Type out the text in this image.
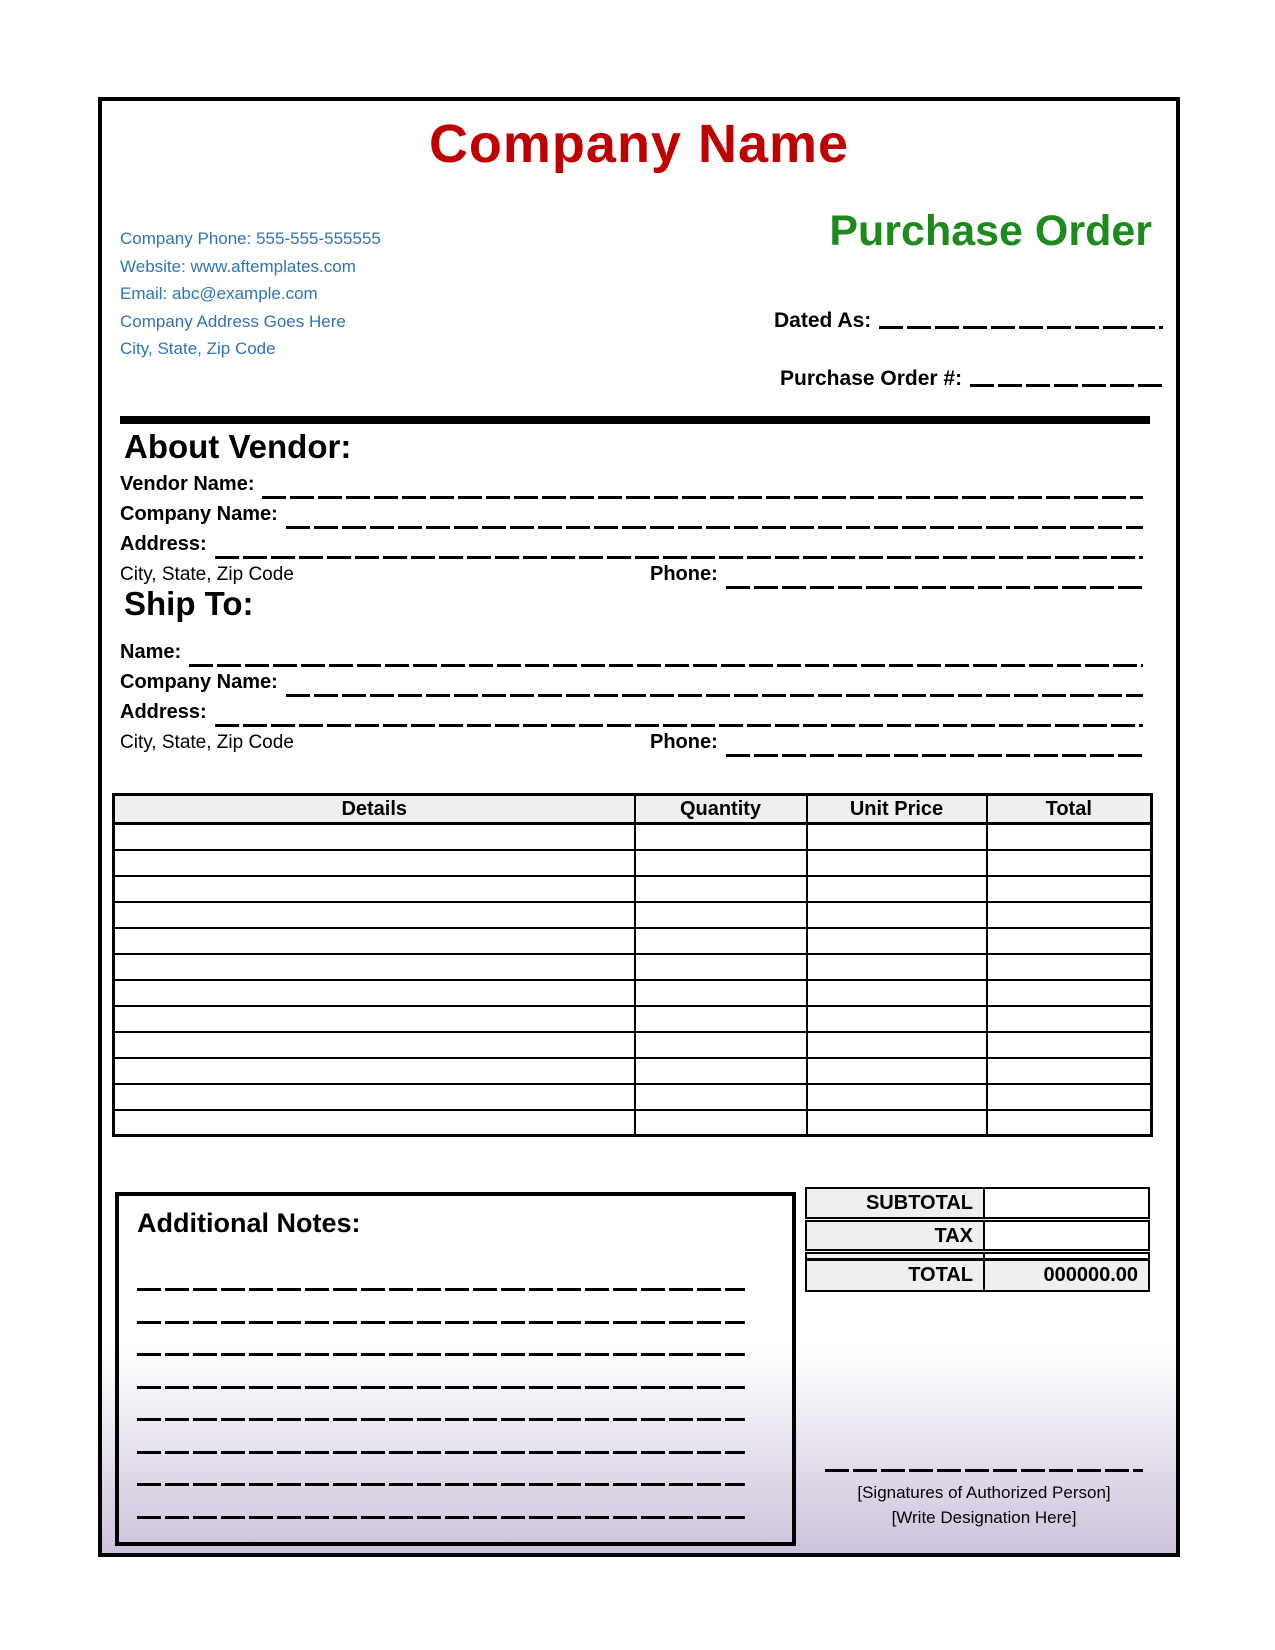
Company Name
Company Phone: 555-555-555555
Website: www.aftemplates.com
Email: abc@example.com
Company Address Goes Here
City, State, Zip Code
Purchase Order
Dated As:
Purchase Order #:
About Vendor:
Vendor Name:
Company Name:
Address:
City, State, Zip Code	Phone:
Ship To:
Name:
Company Name:
Address:
City, State, Zip Code	Phone:
Details	Quantity	Unit Price	Total

SUBTOTAL
TAX
TOTAL	000000.00
Additional Notes:
[Signatures of Authorized Person]
[Write Designation Here]
